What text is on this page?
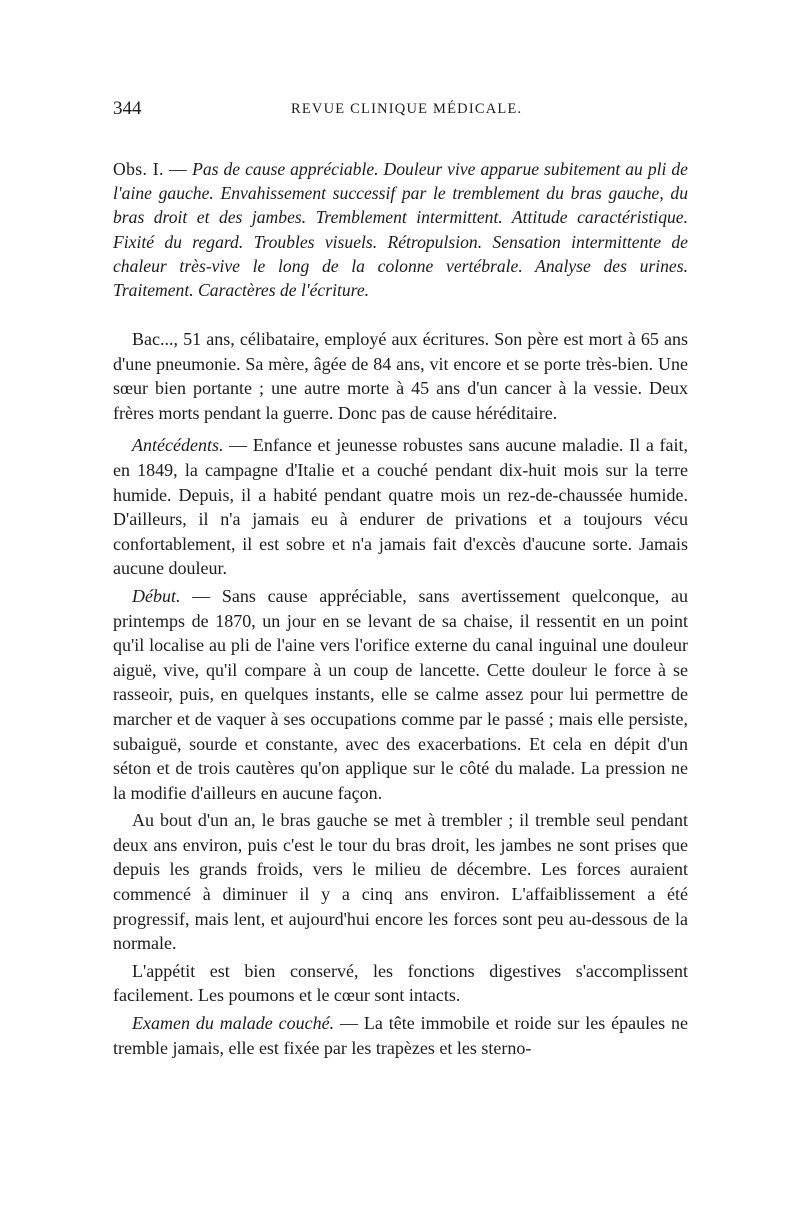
344	REVUE CLINIQUE MÉDICALE.
Obs. I. — Pas de cause appréciable. Douleur vive apparue subitement au pli de l'aine gauche. Envahissement successif par le tremblement du bras gauche, du bras droit et des jambes. Tremblement intermittent. Attitude caractéristique. Fixité du regard. Troubles visuels. Rétropulsion. Sensation intermittente de chaleur très-vive le long de la colonne vertébrale. Analyse des urines. Traitement. Caractères de l'écriture.

Bac..., 51 ans, célibataire, employé aux écritures. Son père est mort à 65 ans d'une pneumonie. Sa mère, âgée de 84 ans, vit encore et se porte très-bien. Une sœur bien portante ; une autre morte à 45 ans d'un cancer à la vessie. Deux frères morts pendant la guerre. Donc pas de cause héréditaire.

Antécédents. — Enfance et jeunesse robustes sans aucune maladie. Il a fait, en 1849, la campagne d'Italie et a couché pendant dix-huit mois sur la terre humide. Depuis, il a habité pendant quatre mois un rez-de-chaussée humide. D'ailleurs, il n'a jamais eu à endurer de privations et a toujours vécu confortablement, il est sobre et n'a jamais fait d'excès d'aucune sorte. Jamais aucune douleur.

Début. — Sans cause appréciable, sans avertissement quelconque, au printemps de 1870, un jour en se levant de sa chaise, il ressentit en un point qu'il localise au pli de l'aine vers l'orifice externe du canal inguinal une douleur aiguë, vive, qu'il compare à un coup de lancette. Cette douleur le force à se rasseoir, puis, en quelques instants, elle se calme assez pour lui permettre de marcher et de vaquer à ses occupations comme par le passé ; mais elle persiste, subaiguë, sourde et constante, avec des exacerbations. Et cela en dépit d'un séton et de trois cautères qu'on applique sur le côté du malade. La pression ne la modifie d'ailleurs en aucune façon.

Au bout d'un an, le bras gauche se met à trembler ; il tremble seul pendant deux ans environ, puis c'est le tour du bras droit, les jambes ne sont prises que depuis les grands froids, vers le milieu de décembre. Les forces auraient commencé à diminuer il y a cinq ans environ. L'affaiblissement a été progressif, mais lent, et aujourd'hui encore les forces sont peu au-dessous de la normale.

L'appétit est bien conservé, les fonctions digestives s'accomplissent facilement. Les poumons et le cœur sont intacts.

Examen du malade couché. — La tête immobile et roide sur les épaules ne tremble jamais, elle est fixée par les trapèzes et les sterno-
